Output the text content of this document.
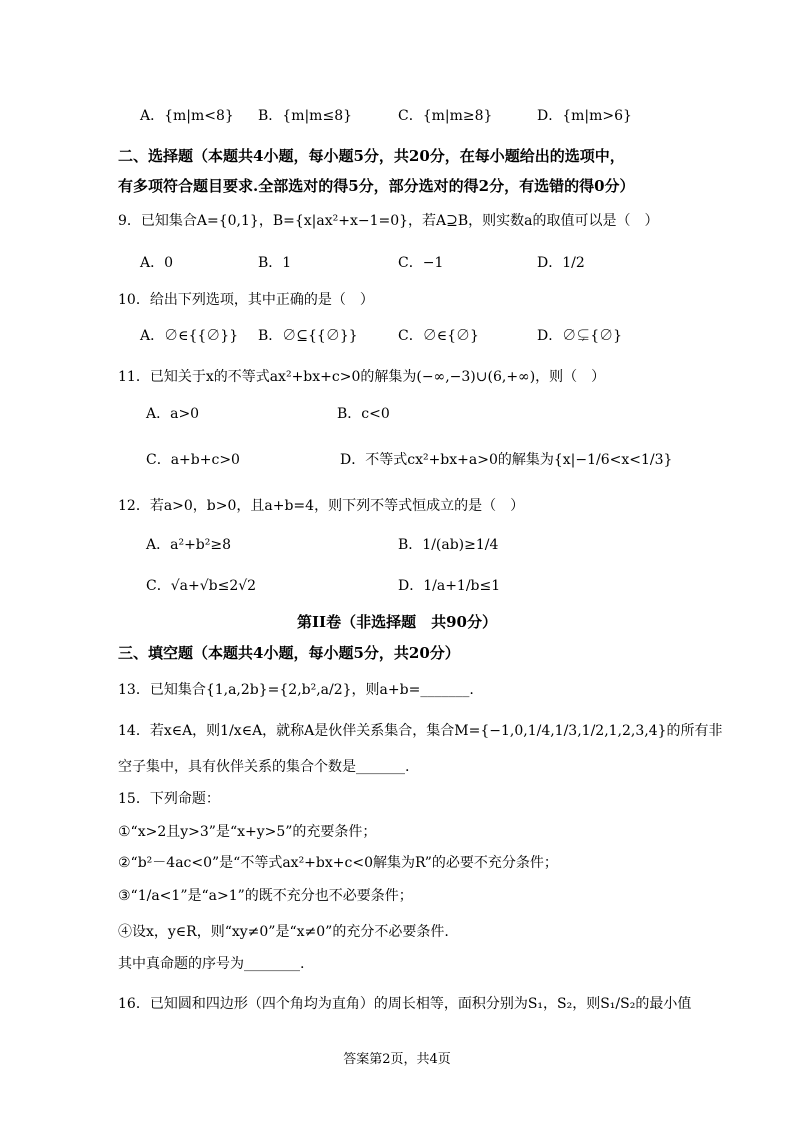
A．{m|m<8} B．{m|m≤8}	C．{m|m≥8}	D．{m|m>6}
二、选择题（本题共4小题，每小题5分，共20分，在每小题给出的选项中，
有多项符合题目要求.全部选对的得5分，部分选对的得2分，有选错的得0分）
9．已知集合A={0,1}，B={x|ax²+x−1=0}，若A⊇B，则实数a的取值可以是（　）
A．0	B．1	C．−1	D．1/2
10．给出下列选项，其中正确的是（　）
A．∅∈{{∅}} B．∅⊆{{∅}}	C．∅∈{∅}	D．∅⊊{∅}
11．已知关于x的不等式ax²+bx+c>0的解集为(−∞,−3)∪(6,+∞)，则（　）
A．a>0	B．c<0
C．a+b+c>0	D．不等式cx²+bx+a>0的解集为{x|−1/6<x<1/3}
12．若a>0，b>0，且a+b=4，则下列不等式恒成立的是（　）
A．a²+b²≥8	B．1/(ab)≥1/4
C．√a+√b≤2√2	D．1/a+1/b≤1
第II卷（非选择题　共90分）
三、填空题（本题共4小题，每小题5分，共20分）
13．已知集合{1,a,2b}={2,b²,a/2}，则a+b=_______.
14．若x∈A，则1/x∈A，就称A是伙伴关系集合，集合M={−1,0,1/4,1/3,1/2,1,2,3,4}的所有非
空子集中，具有伙伴关系的集合个数是_______.
15．下列命题：
①“x>2且y>3”是“x+y>5”的充要条件；
②“b²－4ac<0”是“不等式ax²+bx+c<0解集为R”的必要不充分条件；
③“1/a<1”是“a>1”的既不充分也不必要条件；
④设x，y∈R，则“xy≠0”是“x≠0”的充分不必要条件.
其中真命题的序号为________.
16．已知圆和四边形（四个角均为直角）的周长相等，面积分别为S₁，S₂，则S₁/S₂的最小值
答案第2页，共4页
